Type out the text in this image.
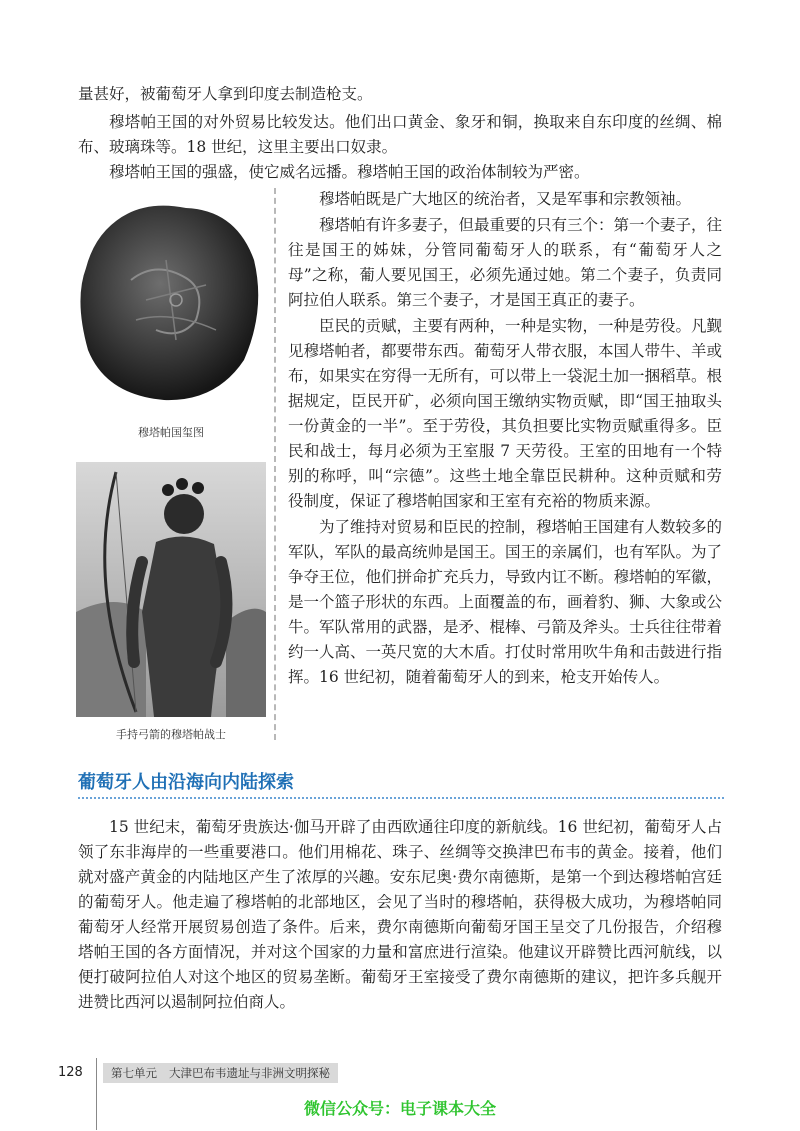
量甚好，被葡萄牙人拿到印度去制造枪支。

穆塔帕王国的对外贸易比较发达。他们出口黄金、象牙和铜，换取来自东印度的丝绸、棉布、玻璃珠等。18 世纪，这里主要出口奴隶。

穆塔帕王国的强盛，使它威名远播。穆塔帕王国的政治体制较为严密。

穆塔帕国玺图
手持弓箭的穆塔帕战士

穆塔帕既是广大地区的统治者，又是军事和宗教领袖。

穆塔帕有许多妻子，但最重要的只有三个：第一个妻子，往往是国王的姊妹，分管同葡萄牙人的联系，有“葡萄牙人之母”之称，葡人要见国王，必须先通过她。第二个妻子，负责同阿拉伯人联系。第三个妻子，才是国王真正的妻子。

臣民的贡赋，主要有两种，一种是实物，一种是劳役。凡觐见穆塔帕者，都要带东西。葡萄牙人带衣服，本国人带牛、羊或布，如果实在穷得一无所有，可以带上一袋泥土加一捆稻草。根据规定，臣民开矿，必须向国王缴纳实物贡赋，即“国王抽取头一份黄金的一半”。至于劳役，其负担要比实物贡赋重得多。臣民和战士，每月必须为王室服 7 天劳役。王室的田地有一个特别的称呼，叫“宗德”。这些土地全靠臣民耕种。这种贡赋和劳役制度，保证了穆塔帕国家和王室有充裕的物质来源。

为了维持对贸易和臣民的控制，穆塔帕王国建有人数较多的军队，军队的最高统帅是国王。国王的亲属们，也有军队。为了争夺王位，他们拼命扩充兵力，导致内讧不断。穆塔帕的军徽，是一个篮子形状的东西。上面覆盖的布，画着豹、狮、大象或公牛。军队常用的武器，是矛、棍棒、弓箭及斧头。士兵往往带着约一人高、一英尺宽的大木盾。打仗时常用吹牛角和击鼓进行指挥。16 世纪初，随着葡萄牙人的到来，枪支开始传人。

葡萄牙人由沿海向内陆探索

15 世纪末，葡萄牙贵族达·伽马开辟了由西欧通往印度的新航线。16 世纪初，葡萄牙人占领了东非海岸的一些重要港口。他们用棉花、珠子、丝绸等交换津巴布韦的黄金。接着，他们就对盛产黄金的内陆地区产生了浓厚的兴趣。安东尼奥·费尔南德斯，是第一个到达穆塔帕宫廷的葡萄牙人。他走遍了穆塔帕的北部地区，会见了当时的穆塔帕，获得极大成功，为穆塔帕同葡萄牙人经常开展贸易创造了条件。后来，费尔南德斯向葡萄牙国王呈交了几份报告，介绍穆塔帕王国的各方面情况，并对这个国家的力量和富庶进行渲染。他建议开辟赞比西河航线，以便打破阿拉伯人对这个地区的贸易垄断。葡萄牙王室接受了费尔南德斯的建议，把许多兵舰开进赞比西河以遏制阿拉伯商人。

128	第七单元 大津巴布韦遗址与非洲文明探秘
微信公众号：电子课本大全
